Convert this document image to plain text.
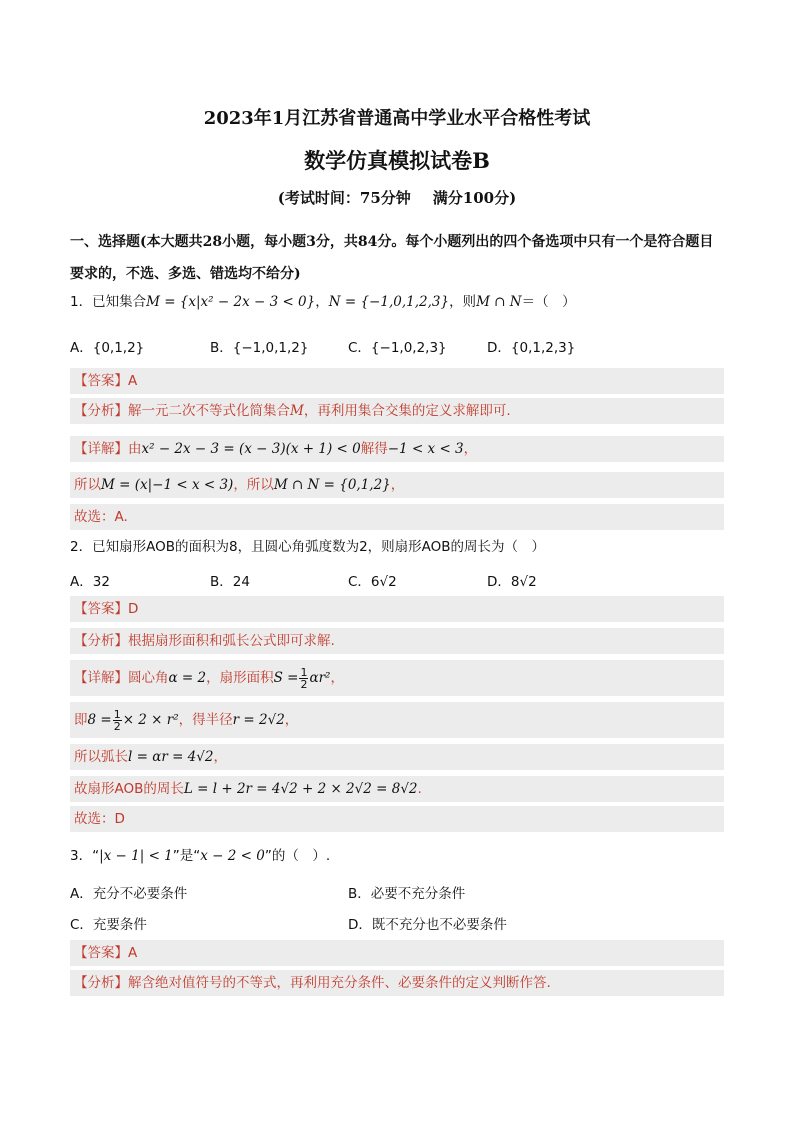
2023年1月江苏省普通高中学业水平合格性考试
数学仿真模拟试卷B
(考试时间：75分钟 满分100分)
一、选择题(本大题共28小题，每小题3分，共84分。每个小题列出的四个备选项中只有一个是符合题目
要求的，不选、多选、错选均不给分)
1．已知集合M = {x|x² − 2x − 3 < 0}，N = {−1,0,1,2,3}，则M ∩ N＝（　）
A．{0,1,2}	B．{−1,0,1,2}	C．{−1,0,2,3}	D．{0,1,2,3}
【答案】A
【分析】解一元二次不等式化简集合M，再利用集合交集的定义求解即可.
【详解】由x² − 2x − 3 = (x − 3)(x + 1) < 0解得−1 < x < 3，
所以M = (x|−1 < x < 3)，所以M ∩ N = {0,1,2}，
故选：A.
2．已知扇形AOB的面积为8，且圆心角弧度数为2，则扇形AOB的周长为（　）
A．32	B．24	C．6√2	D．8√2
【答案】D
【分析】根据扇形面积和弧长公式即可求解.
【详解】圆心角α = 2，扇形面积$S = \frac{1}{2} \alpha r^2$，
即$8 = \frac{1}{2} \times 2 \times r^2$，得半径r = 2√2，
所以弧长l = αr = 4√2，
故扇形AOB的周长L = l + 2r = 4√2 + 2 × 2√2 = 8√2.
故选：D
3．“|x − 1| < 1”是“x − 2 < 0”的（　）.
A．充分不必要条件	B．必要不充分条件
C．充要条件	D．既不充分也不必要条件
【答案】A
【分析】解含绝对值符号的不等式，再利用充分条件、必要条件的定义判断作答.
